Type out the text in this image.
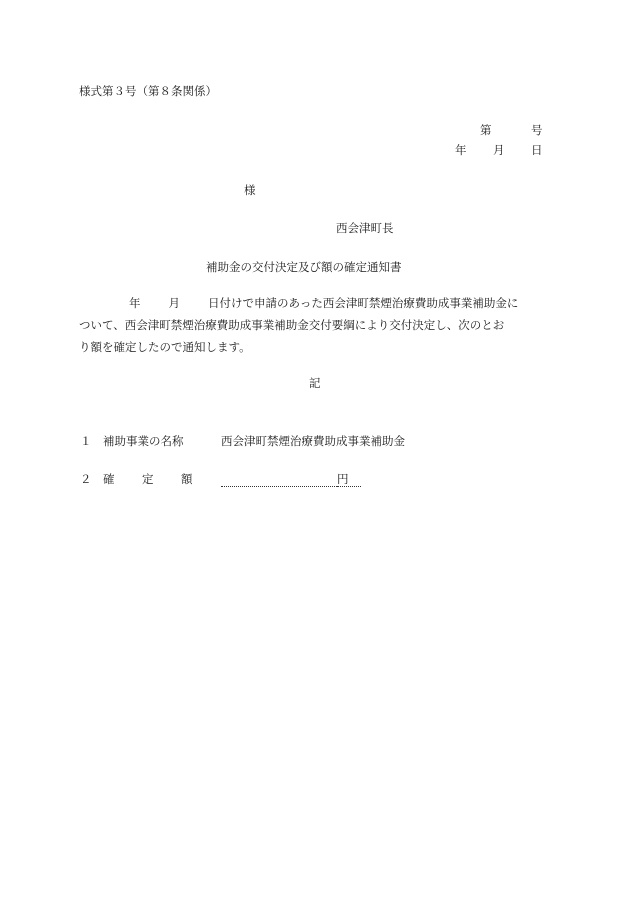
様式第３号（第８条関係）
第	号
年 月 日
様
西会津町長
補助金の交付決定及び額の確定通知書
年 月 日付けで申請のあった西会津町禁煙治療費助成事業補助金に
ついて、西会津町禁煙治療費助成事業補助金交付要綱により交付決定し、次のとお
り額を確定したので通知します。
記
１ 補助事業の名称	西会津町禁煙治療費助成事業補助金
２ 確 定 額	円
